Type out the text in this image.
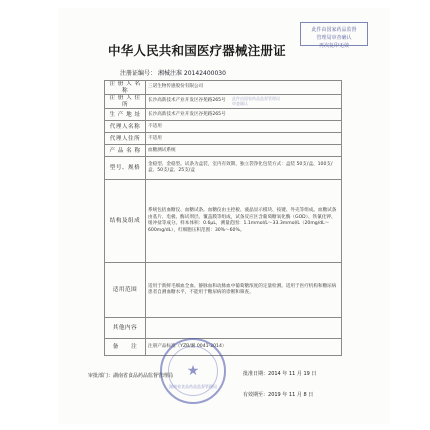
此件由国家药品监督
管理局审查确认
再次复印无效
中华人民共和国医疗器械注册证
注册证编号： 湘械注准 20142400030
注 册 人 名 称	三诺生物传感股份有限公司
注 册 人 住 所	长沙高新技术产业开发区谷苑路265号
生 产 地 址	长沙高新技术产业开发区谷苑路265号
代理人名称	不适用
代理人住所	不适用
产 品 名 称	血糖测试系统
型号、规格	金稳型、金稳型。试条为盒装，室内有效期、独立袋净化包装方式：盒装 50支/盒、100支/盒、50支/盒、25支/盒
结构及组成	系统包括血糖仪、血糖试条。血糖仪由主控板、液晶显示模块、按键、外壳等组成。血糖试条由基片、电极、酶试剂层、覆盖膜等组成，试条反应区含葡萄糖氧化酶（GOD）、铁氰化钾、缓冲盐等成分。样本体积：0.6μL，测量范围：1.1mmol/L～33.3mmol/L（20mg/dL～600mg/dL），红细胞压积范围：30%～60%。
适用范围	适用于新鲜毛细血全血、静脉血和动脉血中葡萄糖浓度的定量检测。适用于医疗机构和糖尿病患者自测血糖水平，不能用于糖尿病的诊断和筛查。
其他内容	
备　　注	注册产品标准（YZB/湘 0041-2014）
此件由国家药品监督管理局
审查确认
★
湖南省食品药品监督管理局
审批部门：湖南省食品药品监督管理局	批准日期：2014 年 11 月 19 日
有效期至：2019 年 11 月 8 日
